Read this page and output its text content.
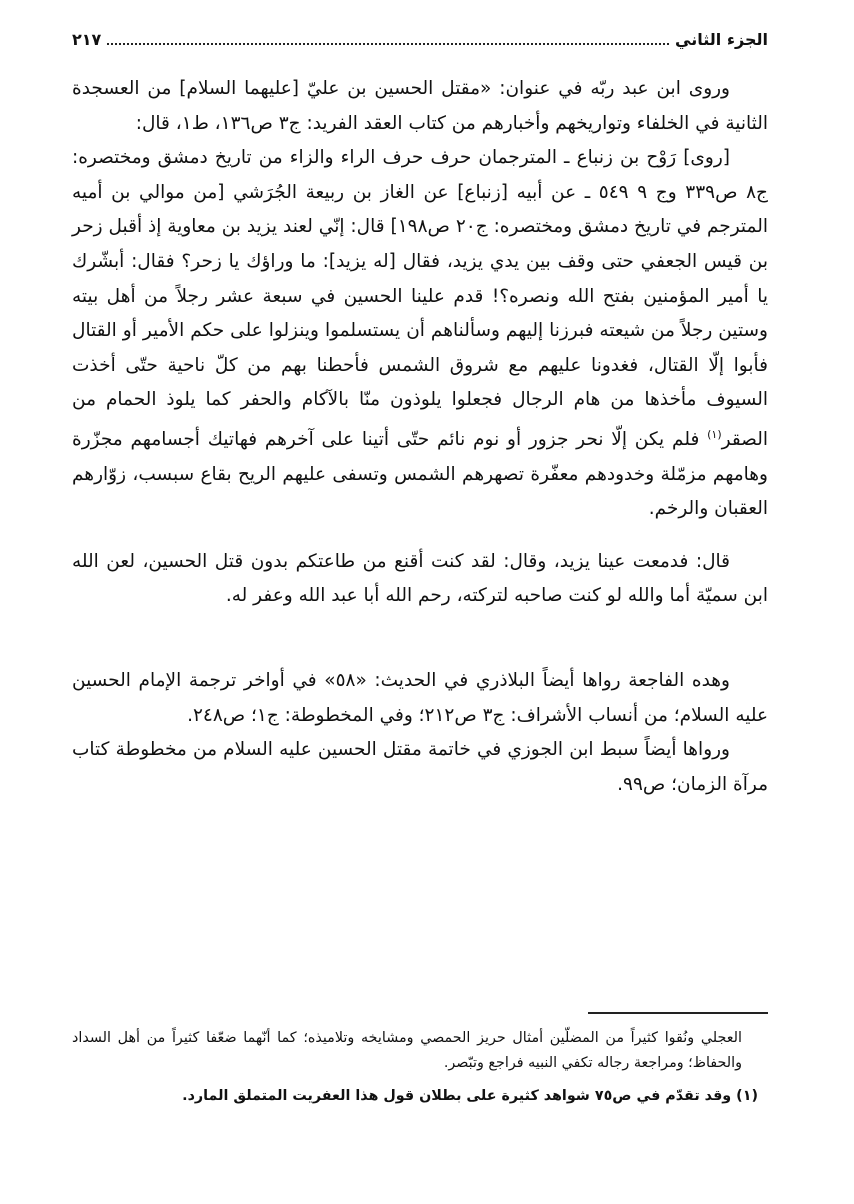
الجزء الثاني
٢١٧

وروى ابن عبد ربّه في عنوان: «مقتل الحسين بن عليّ [عليهما السلام] من العسجدة الثانية في الخلفاء وتواريخهم وأخبارهم من كتاب العقد الفريد: ج٣ ص١٣٦، ط١، قال:

[روى] رَوْح بن زنباع ـ المترجمان حرف حرف الراء والزاء من تاريخ دمشق ومختصره: ج٨ ص٣٣٩ وج ٩ ٥٤٩ ـ عن أبيه [زنباع] عن الغاز بن ربيعة الجُرَشي [من موالي بن أميه المترجم في تاريخ دمشق ومختصره: ج٢٠ ص١٩٨] قال: إنّي لعند يزيد بن معاوية إذ أقبل زحر بن قيس الجعفي حتى وقف بين يدي يزيد، فقال [له يزيد]: ما وراؤك يا زحر؟ فقال: أبشّرك يا أمير المؤمنين بفتح الله ونصره؟! قدم علينا الحسين في سبعة عشر رجلاً من أهل بيته وستين رجلاً من شيعته فبرزنا إليهم وسألناهم أن يستسلموا وينزلوا على حكم الأمير أو القتال فأبوا إلّا القتال، فغدونا عليهم مع شروق الشمس فأحطنا بهم من كلّ ناحية حتّى أخذت السيوف مأخذها من هام الرجال فجعلوا يلوذون منّا بالآكام والحفر كما يلوذ الحمام من الصقر$^{(١)}$ فلم يكن إلّا نحر جزور أو نوم نائم حتّى أتينا على آخرهم فهاتيك أجسامهم مجزّرة وهامهم مزمّلة وخدودهم معفّرة تصهرهم الشمس وتسفى عليهم الريح بقاع سبسب، زوّارهم العقبان والرخم.

قال: فدمعت عينا يزيد، وقال: لقد كنت أقنع من طاعتكم بدون قتل الحسين، لعن الله ابن سميّة أما والله لو كنت صاحبه لتركته، رحم الله أبا عبد الله وعفر له.

وهده الفاجعة رواها أيضاً البلاذري في الحديث: «٥٨» في أواخر ترجمة الإمام الحسين عليه السلام؛ من أنساب الأشراف: ج٣ ص٢١٢؛ وفي المخطوطة: ج١؛ ص٢٤٨.

ورواها أيضاً سبط ابن الجوزي في خاتمة مقتل الحسين عليه السلام من مخطوطة كتاب مرآة الزمان؛ ص٩٩.

العجلي ونُقوا كثيراً من المضلّين أمثال حريز الحمصي ومشايخه وتلاميذه؛ كما أنّهما ضعّفا كثيراً من أهل السداد والحفاظ؛ ومراجعة رجاله تكفي النبيه فراجع وتبّصر.

(١) وقد تقدّم في ص٧٥ شواهد كثيرة على بطلان قول هذا العفريت المتملق المارد.
